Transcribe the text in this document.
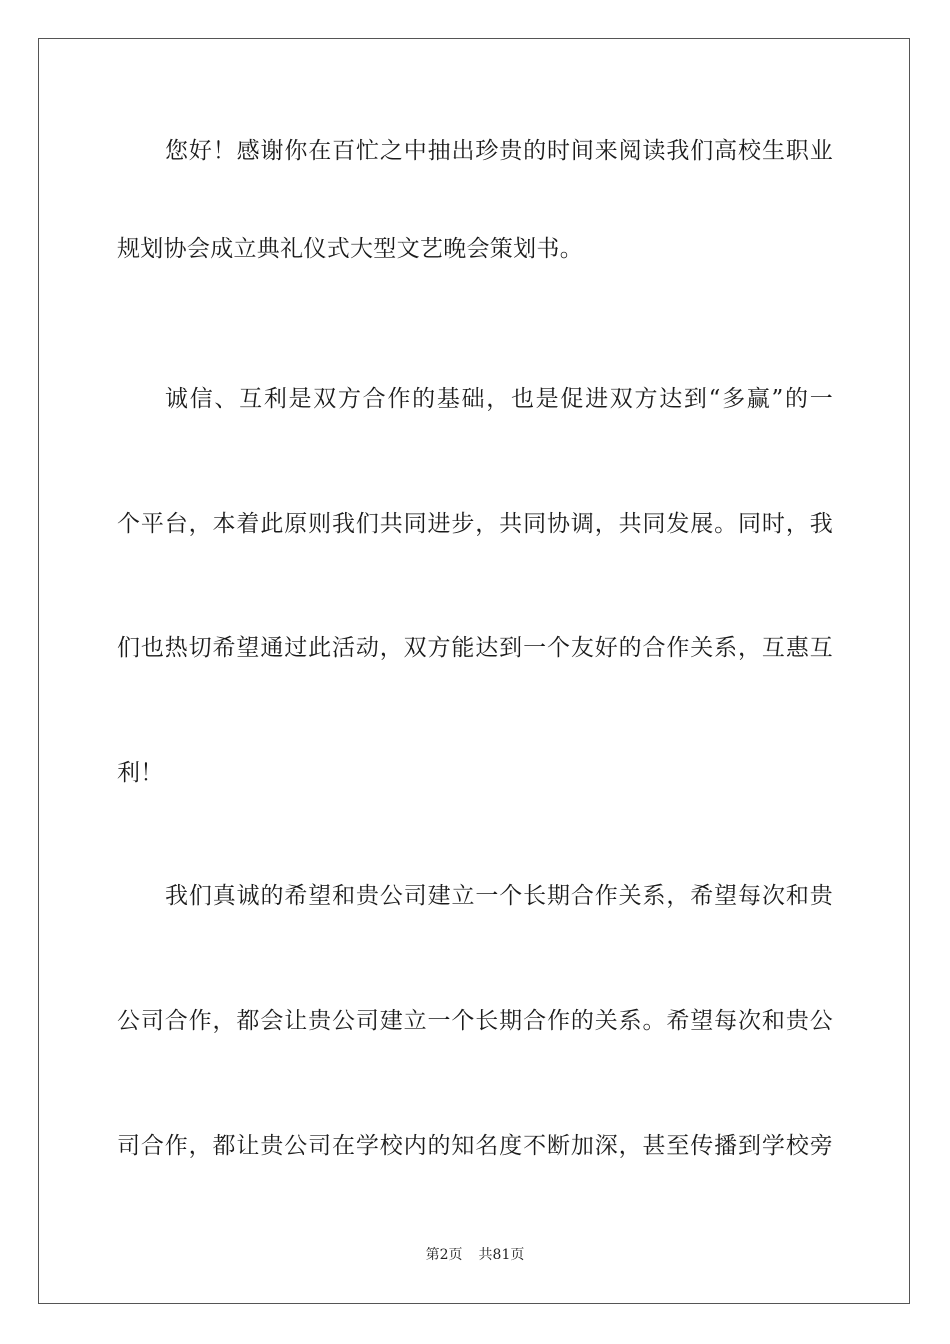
您好！感谢你在百忙之中抽出珍贵的时间来阅读我们高校生职业
规划协会成立典礼仪式大型文艺晚会策划书。
诚信、互利是双方合作的基础，也是促进双方达到“多赢”的一
个平台，本着此原则我们共同进步，共同协调，共同发展。同时，我
们也热切希望通过此活动，双方能达到一个友好的合作关系，互惠互
利！
我们真诚的希望和贵公司建立一个长期合作关系，希望每次和贵
公司合作，都会让贵公司建立一个长期合作的关系。希望每次和贵公
司合作，都让贵公司在学校内的知名度不断加深，甚至传播到学校旁
第2页 共81页
